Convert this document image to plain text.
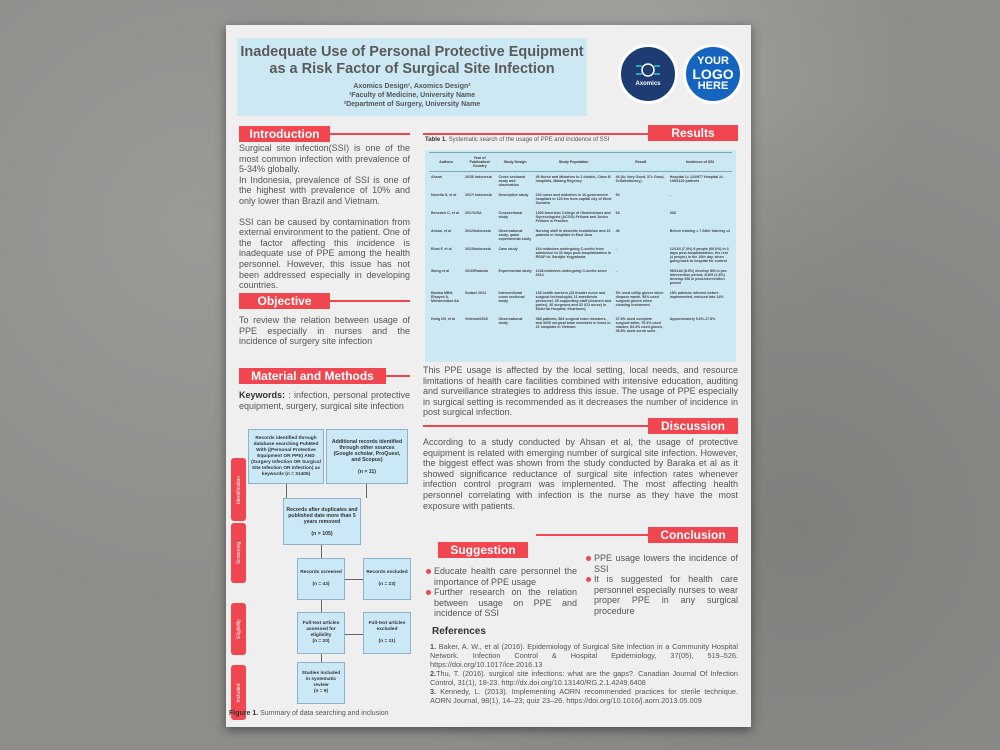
Inadequate Use of Personal Protective Equipment
as a Risk Factor of Surgical Site Infection
Axomics Design¹, Axomics Design²
¹Faculty of Medicine, University Name
²Department of Surgery, University Name
Axomics
YOUR
LOGO
HERE
Introduction

Surgical site infection(SSI) is one of the most common infection with prevalence of 5-34% globally.

In Indonesia, prevalence of SSI is one of the highest with prevalence of 10% and only lower than Brazil and Vietnam.

SSI can be caused by contamination from external environment to the patient. One of the factor affecting this incidence is inadequate use of PPE among the health personnel. However, this issue has not been addressed especially in developing countries.

Objective
To review the relation between usage of PPE especially in nurses and the incidence of surgery site infection
Material and Methods
Keywords: : infection, personal protective equipment, surgery, surgical site infection
Identification
Screening
Eligibility
Included
Records identified through database searching PubMed With ((Personal Protective Equipment OR PPE) AND (Surgery Infection OR Surgical Site Infection OR Infection) as keywords (n = 31405)
Additional records identified through other sources (Google scholar, ProQuest, and Scopus)
(n = 11)
Records after duplicates and published date more than 5 years removed
(n = 105)
Records screened
(n = 43)
Records excluded
(n = 23)
Full-text articles assessed for eligibility
(n = 20)
Full-text articles excluded
(n = 11)
Studies included in systematic review
(n = 9)
Figure 1. Summary of data searching and inclusion
Results
Table 1. Systematic search of the usage of PPE and incidence of SSI
Authors	Year of Publication/ Country	Study Design	Study Population	Result	Incidence of SSI
Ahsan	2015/ Indonesia	Cross sectional study and observation	46 Nurse and Midwives in 2 district, Class B hospitals, Malang Regency	46 (8= Very Good, 37= Good, 3=Satisfactory)	Hospital 1= 124/977 Hospital 2= 198/1120 patients
Novella S, et al	2017/ Indonesia	Descriptive study	223 nurse and midwives in 16 government hospitals in 125 km from capital city of West Sumatra	60	-
Beneden C, et al	2017/USA	Crossectional study	1300 American College of Obstetricians and Gynecologists (ACOG) Fellows and Junior Fellows in Practice	63	338
Ahsan, et al	2012/Indonesia	Observational study, quasi experimental study	Nursing staff in obstetric installation and 10 patients in hospitals in East Java	46	Before training = 7 After training =4
Rivai F, et al	2013/Indonesia	Case study	164 midwives undergoing C-sectio from admission to 30 days post-hospitalization in RSUP dr. Sardjito Yogyakarta	-	12/164 (7.3%) 8 people (66.6%) in 3 days post-hospitalization, the rest (4 people) in the 10th day, when going back to hospital for control
Wong et al	2016/Rwanda	Experimental study	1148 midwives undergoing C-sectio since 2014	-	98/1148 (8.5%) develop SSI in pre-intervention period, 3/169 (1.8%) develop SSI in post-intervention period
Baraka MBH, Elsayed A, Mohamedani AA	Sudan/ 2014	Interventional cross sectional study	136 health workers (28 theater nurse and surgical technologist, 11 anesthesia personnel, 35 supporting staff (cleaners and porter), 30 surgeons and 32 ICU nurse) in Elshe'ab Hospital, Khartoum)	9% used utility gloves when dispose waste, 96% used surgical gloves when cleaning instrument	18% patients infected before implemented, reduced into 14%
Hung NV, et al	Vietnam/2016	Observational study	388 patients, 884 surgical team members, and 3009 surgical team members in turns in 21 hospitals in Vietnam	37.8% used complete surgical attire, 76.3% used masker, 84.4% used gloves, 46.8% used scrub suits	Approximately 5.6%-17.8%
This PPE usage is affected by the local setting, local needs, and resource limitations of health care facilities combined with intensive education, auditing and surveillance strategies to address this issue. The usage of PPE especially in surgical setting is recommended as it decreases the number of incidence in post surgical infection.
Discussion
According to a study conducted by Ahsan et al, the usage of protective equipment is related with emerging number of surgical site infection. However, the biggest effect was shown from the study conducted by Baraka et al as it showed significance reductance of surgical site infection rates whenever infection control program was implemented. The most affecting health personnel correlating with infection is the nurse as they have the most exposure with patients.
Conclusion
Suggestion
Educate health care personnel the importance of PPE usage
Further research on the relation between usage on PPE and incidence of SSI
PPE usage lowers the incidence of SSI
It is suggested for health care personnel especially nurses to wear proper PPE in any surgical procedure
References

1. Baker, A. W., et al (2016). Epidemiology of Surgical Site Infection in a Community Hospital Network. Infection Control & Hospital Epidemiology, 37(05), 519–526. https://doi.org/10.1017/ice.2016.13

2.Thu, T. (2016). surgical site infections: what are the gaps?. Canadian Journal Of Infection Control, 31(1), 18-23. http://dx.doi.org/10.13140/RG.2.1.4249.6408

3. Kennedy, L. (2013). Implementing AORN recommended practices for sterile technique. AORN Journal, 98(1), 14–23; quiz 23–26. https://doi.org/10.1016/j.aorn.2013.05.009
